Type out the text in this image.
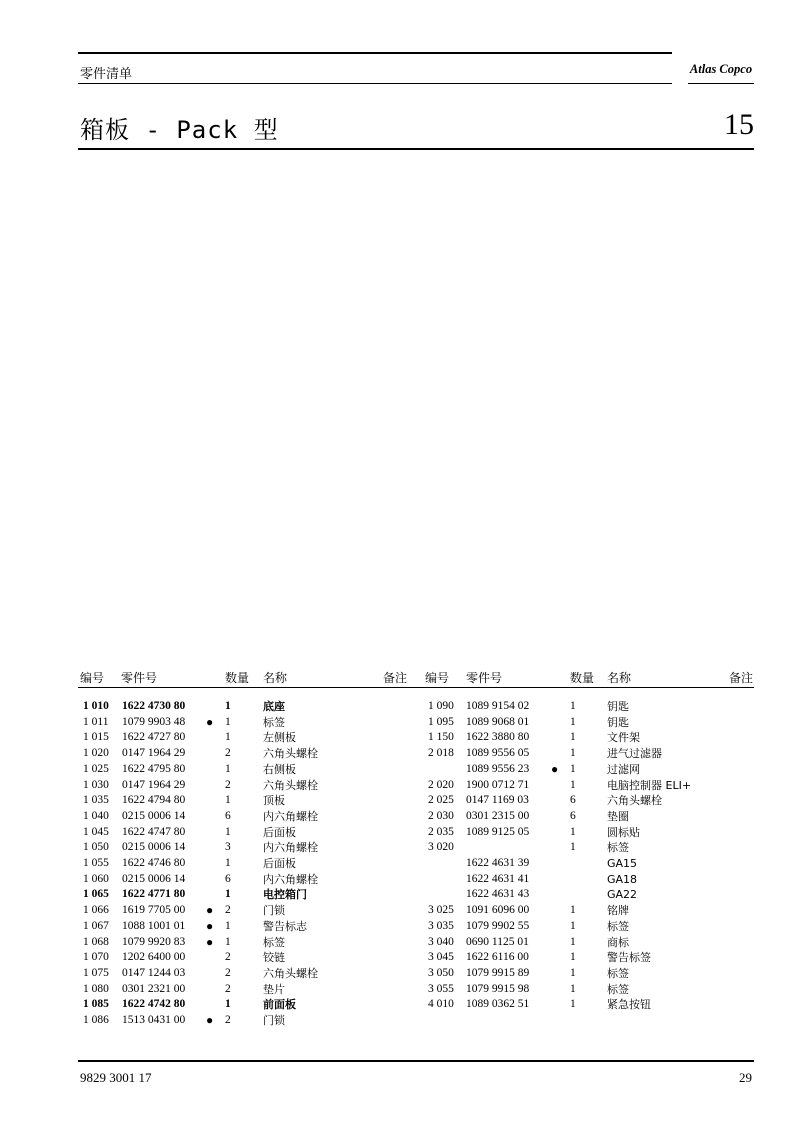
零件清单	Atlas Copco
箱板 - Pack 型	15
编号 零件号	数量 名称	备注 编号 零件号	数量 名称	备注
1 010 1622 4730 80	1	底座
1 011 1079 9903 48 ● 1	标签
1 015 1622 4727 80	1	左侧板
1 020 0147 1964 29	2	六角头螺栓
1 025 1622 4795 80	1	右侧板
1 030 0147 1964 29	2	六角头螺栓
1 035 1622 4794 80	1	顶板
1 040 0215 0006 14	6	内六角螺栓
1 045 1622 4747 80	1	后面板
1 050 0215 0006 14	3	内六角螺栓
1 055 1622 4746 80	1	后面板
1 060 0215 0006 14	6	内六角螺栓
1 065 1622 4771 80	1	电控箱门
1 066 1619 7705 00 ● 2	门锁
1 067 1088 1001 01 ● 1	警告标志
1 068 1079 9920 83 ● 1	标签
1 070 1202 6400 00	2	铰链
1 075 0147 1244 03	2	六角头螺栓
1 080 0301 2321 00	2	垫片
1 085 1622 4742 80	1	前面板
1 086 1513 0431 00 ● 2	门锁
1 090 1089 9154 02	1	钥匙
1 095 1089 9068 01	1	钥匙
1 150 1622 3880 80	1	文件架
2 018 1089 9556 05	1	进气过滤器
1089 9556 23 ● 1	过滤网
2 020 1900 0712 71	1	电脑控制器 ELI+
2 025 0147 1169 03	6	六角头螺栓
2 030 0301 2315 00	6	垫圈
2 035 1089 9125 05	1	圆标贴
3 020	1	标签
1622 4631 39	GA15
1622 4631 41	GA18
1622 4631 43	GA22
3 025 1091 6096 00	1	铭牌
3 035 1079 9902 55	1	标签
3 040 0690 1125 01	1	商标
3 045 1622 6116 00	1	警告标签
3 050 1079 9915 89	1	标签
3 055 1079 9915 98	1	标签
4 010 1089 0362 51	1	紧急按钮
9829 3001 17	29
